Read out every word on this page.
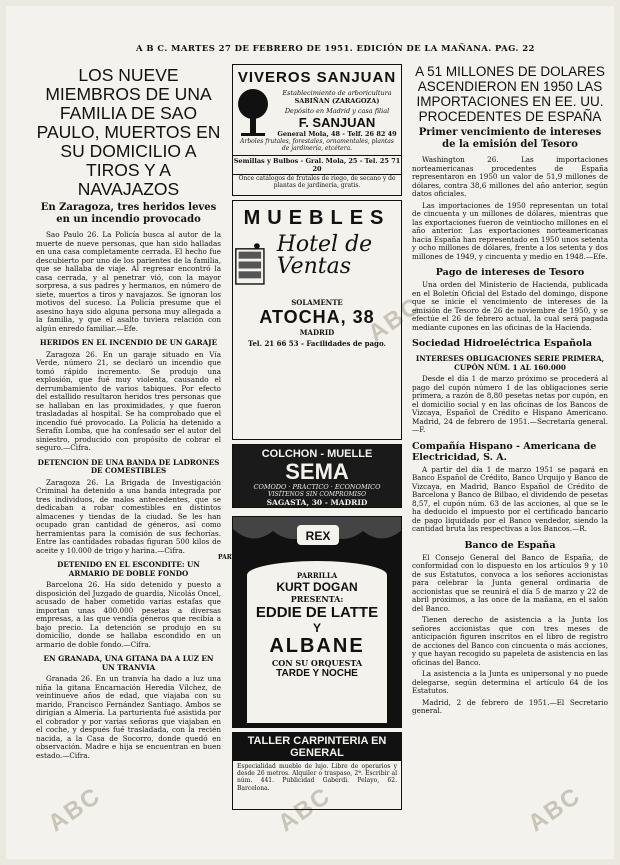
A B C. MARTES 27 DE FEBRERO DE 1951. EDICIÓN DE LA MAÑANA. PAG. 22
ABC	ABC	ABC
ABC
LOS NUEVE MIEMBROS DE UNA FAMILIA DE SAO PAULO, MUERTOS EN SU DOMICILIO A TIROS Y A NAVAJAZOS
En Zaragoza, tres heridos leves en un incendio provocado

Sao Paulo 26. La Policía busca al autor de la muerte de nueve personas, que han sido halladas en una casa completamente cerrada. El hecho fue descubierto por uno de los parientes de la familia, que se hallaba de viaje. Al regresar encontró la casa cerrada, y al penetrar vió, con la mayor sorpresa, a sus padres y hermanos, en número de siete, muertos a tiros y navajazos. Se ignoran los motivos del suceso. La Policía presume que el asesino haya sido alguna persona muy allegada a la familia, y que el asalto tuviera relación con algún enredo familiar.—Efe.

HERIDOS EN EL INCENDIO DE UN GARAJE

Zaragoza 26. En un garaje situado en Vía Verde, número 21, se declaró un incendio que tomó rápido incremento. Se produjo una explosión, que fué muy violenta, causando el derrumbamiento de varios tabiques. Por efecto del estallido resultaron heridos tres personas que se hallaban en las proximidades, y que fueron trasladadas al hospital. Se ha comprobado que el incendio fué provocado. La Policía ha detenido a Serafín Lomba, que ha confesado ser el autor del siniestro, producido con propósito de cobrar el seguro.—Cifra.

DETENCION DE UNA BANDA DE LADRONES DE COMESTIBLES

Zaragoza 26. La Brigada de Investigación Criminal ha detenido a una banda integrada por tres individuos, de malos antecedentes, que se dedicaban a robar comestibles en distintos almacenes y tiendas de la ciudad. Se les han ocupado gran cantidad de géneros, así como herramientas para la comisión de sus fechorías. Entre las cantidades robadas figuran 500 kilos de aceite y 10.000 de trigo y harina.—Cifra.

DETENIDO EN EL ESCONDITE: UN ARMARIO DE DOBLE FONDO

Barcelona 26. Ha sido detenido y puesto a disposición del Juzgado de guardia, Nicolás Oncel, acusado de haber cometido varias estafas que importan unas 400.000 pesetas a diversas empresas, a las que vendía géneros que recibía a bajo precio. La detención se produjo en su domicilio, donde se hallaba escondido en un armario de doble fondo.—Cifra.

EN GRANADA, UNA GITANA DA A LUZ EN UN TRANVIA

Granada 26. En un tranvía ha dado a luz una niña la gitana Encarnación Heredia Vílchez, de veintinueve años de edad, que viajaba con su marido, Francisco Fernández Santiago. Ambos se dirigían a Almería. La parturienta fué asistida por el cobrador y por varias señoras que viajaban en el coche, y después fué trasladada, con la recién nacida, a la Casa de Socorro, donde quedó en observación. Madre e hija se encuentran en buen estado.—Cifra.

VIVEROS SANJUAN
Establecimiento de arboricultura
SABIÑAN (ZARAGOZA)
Depósito en Madrid y casa filial
F. SANJUAN
General Mola, 48 - Telf. 26 82 49
Arboles frutales, forestales, ornamentales, plantas de jardinería, etcétera.
Semillas y Bulbos - Gral. Mola, 25 - Tel. 25 71 20
Once catálogos de frutales de riego, de secano y de plantas de jardinería, gratis.
MUEBLES
Hotel de Ventas
SOLAMENTE
ATOCHA, 38
MADRID
Tel. 21 66 53 - Facilidades de pago.
COLCHON - MUELLE
SEMA
COMODO · PRACTICO · ECONOMICO
VISÍTENOS SIN COMPROMISO
SAGASTA, 30 - MADRID
REX
PARRILLA
KURT DOGAN
PRESENTA:
EDDIE DE LATTE
Y
ALBANE
CON SU ORQUESTA
TARDE Y NOCHE
TALLER CARPINTERIA EN GENERAL
Especialidad mueble de lujo. Libre de operarios y desde 26 metros. Alquiler o traspaso, 2ª. Escribir al núm. 441. Publicidad Gaberdi. Pelayo, 62. Barcelona.
PARTE
A 51 MILLONES DE DOLARES ASCENDIERON EN 1950 LAS IMPORTACIONES EN EE. UU. PROCEDENTES DE ESPAÑA
Primer vencimiento de intereses de la emisión del Tesoro

Washington 26. Las importaciones norteamericanas procedentes de España representaron en 1950 un valor de 51,9 millones de dólares, contra 38,6 millones del año anterior, según datos oficiales.

Las importaciones de 1950 representan un total de cincuenta y un millones de dólares, mientras que las exportaciones fueron de veintiocho millones en el año anterior. Las exportaciones norteamericanas hacia España han representado en 1950 unos setenta y ocho millones de dólares, frente a los setenta y dos millones de 1949, y cincuenta y medio en 1948.—Efe.

Pago de intereses de Tesoro

Una orden del Ministerio de Hacienda, publicada en el Boletín Oficial del Estado del domingo, dispone que se inicie el vencimiento de intereses de la emisión de Tesoro de 26 de noviembre de 1950, y se efectúe el 26 de febrero actual, la cual será pagada mediante cupones en las oficinas de la Hacienda.

Sociedad Hidroeléctrica Española
INTERESES OBLIGACIONES SERIE PRIMERA, CUPÓN NÚM. 1 AL 160.000

Desde el día 1 de marzo próximo se procederá al pago del cupón número 1 de las obligaciones serie primera, a razón de 8,80 pesetas netas por cupón, en el domicilio social y en las oficinas de los Bancos de Vizcaya, Español de Crédito e Hispano Americano. Madrid, 24 de febrero de 1951.—Secretaría general.—F.

Compañía Hispano - Americana de Electricidad, S. A.

A partir del día 1 de marzo 1951 se pagará en Banco Español de Crédito, Banco Urquijo y Banco de Vizcaya, en Madrid, Banco Español de Crédito de Barcelona y Banco de Bilbao, el dividendo de pesetas 8,57, el cupón núm. 63 de las acciones, al que se le ha deducido el impuesto por el certificado bancario de pago liquidado por el Banco vendedor, siendo la cantidad bruta las respectivas a los Bancos.—R.

Banco de España

El Consejo General del Banco de España, de conformidad con lo dispuesto en los artículos 9 y 10 de sus Estatutos, convoca a los señores accionistas para celebrar la Junta general ordinaria de accionistas que se reunirá el día 5 de marzo y 22 de abril próximos, a las once de la mañana, en el salón del Banco.

Tienen derecho de asistencia a la Junta los señores accionistas que con tres meses de anticipación figuren inscritos en el libro de registro de acciones del Banco con cincuenta o más acciones, y que hayan recogido su papeleta de asistencia en las oficinas del Banco.

La asistencia a la Junta es unipersonal y no puede delegarse, según determina el artículo 64 de los Estatutos.

Madrid, 2 de febrero de 1951.—El Secretario general.
